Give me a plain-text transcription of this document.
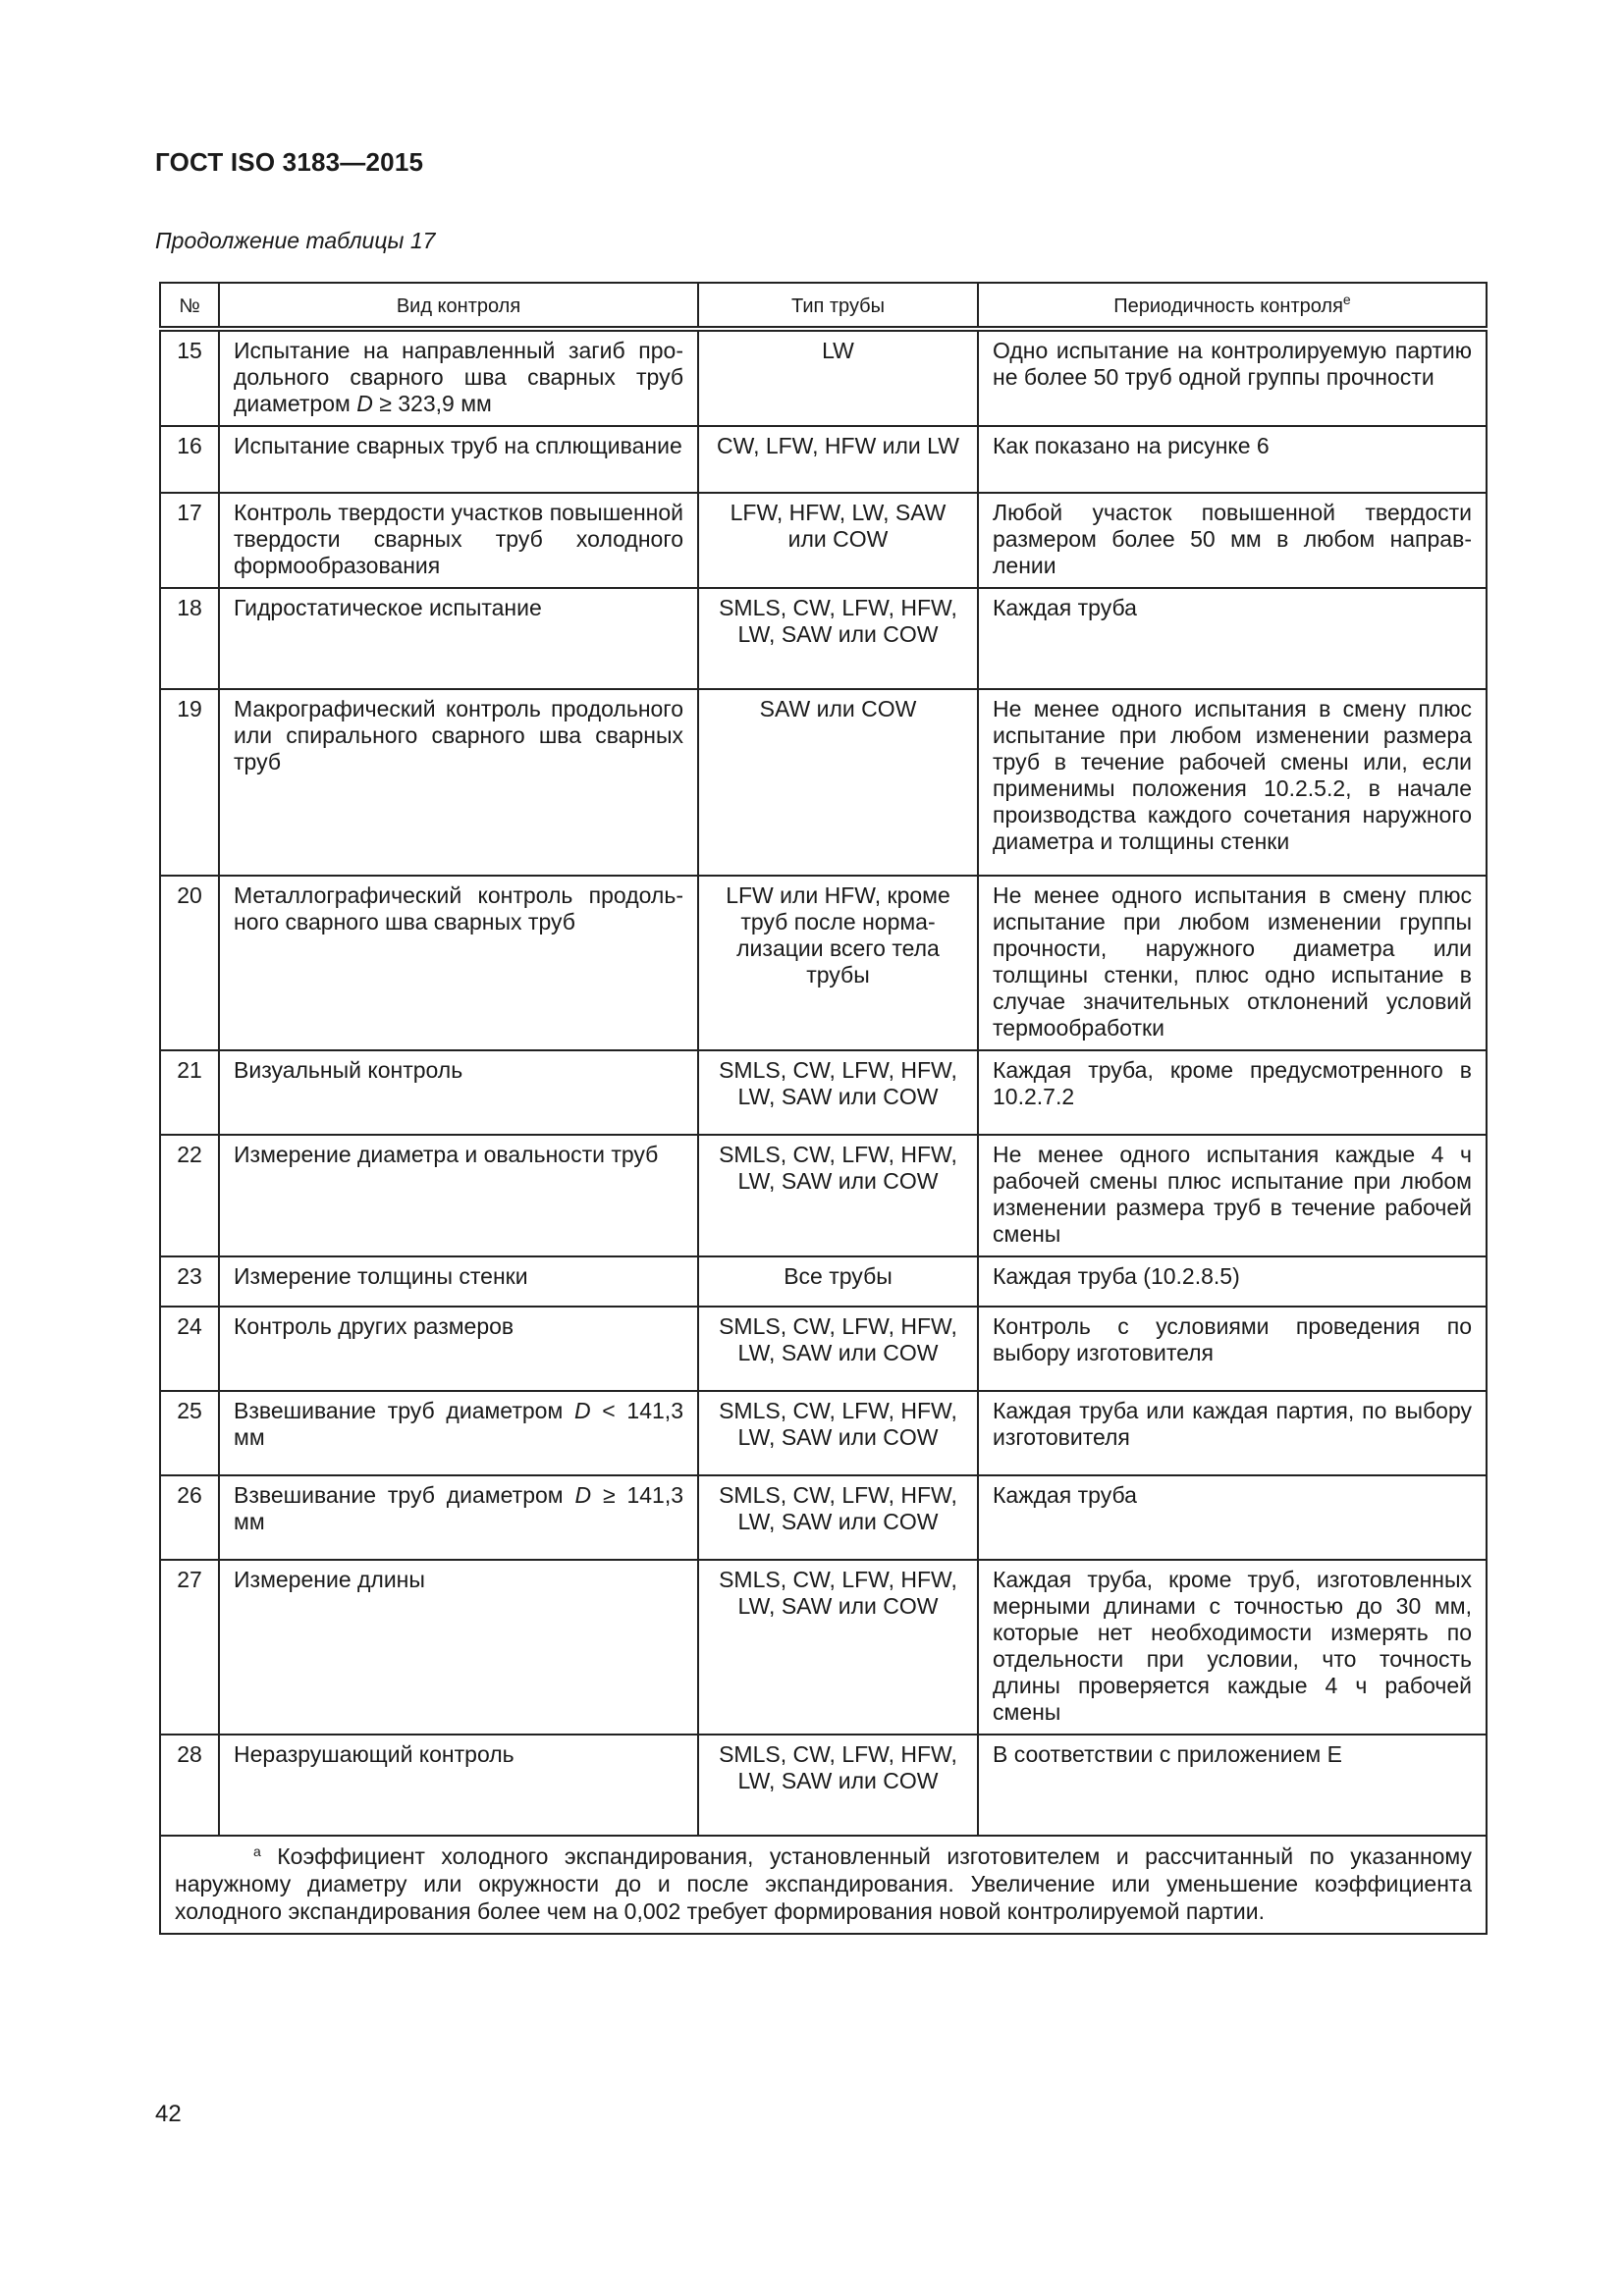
ГОСТ ISO 3183—2015
Продолжение таблицы 17
№	Вид контроля	Тип трубы	Периодичность контроля$^e$
15	Испытание на направленный загиб продольного сварного шва сварных труб диаметром D ≥ 323,9 мм	LW	Одно испытание на контролируемую партию не более 50 труб одной группы прочности
16	Испытание сварных труб на сплющивание	CW, LFW, HFW или LW	Как показано на рисунке 6
17	Контроль твердости участков повышенной твердости сварных труб холодного формообразования	LFW, HFW, LW, SAW или COW	Любой участок повышенной твердости размером более 50 мм в любом направлении
18	Гидростатическое испытание	SMLS, CW, LFW, HFW, LW, SAW или COW	Каждая труба
19	Макрографический контроль продольного или спирального сварного шва сварных труб	SAW или COW	Не менее одного испытания в смену плюс испытание при любом изменении размера труб в течение рабочей смены или, если применимы положения 10.2.5.2, в начале производства каждого сочетания наружного диаметра и толщины стенки
20	Металлографический контроль продольного сварного шва сварных труб	LFW или HFW, кроме труб после нормализации всего тела трубы	Не менее одного испытания в смену плюс испытание при любом изменении группы прочности, наружного диаметра или толщины стенки, плюс одно испытание в случае значительных отклонений условий термообработки
21	Визуальный контроль	SMLS, CW, LFW, HFW, LW, SAW или COW	Каждая труба, кроме предусмотренного в 10.2.7.2
22	Измерение диаметра и овальности труб	SMLS, CW, LFW, HFW, LW, SAW или COW	Не менее одного испытания каждые 4 ч рабочей смены плюс испытание при любом изменении размера труб в течение рабочей смены
23	Измерение толщины стенки	Все трубы	Каждая труба (10.2.8.5)
24	Контроль других размеров	SMLS, CW, LFW, HFW, LW, SAW или COW	Контроль с условиями проведения по выбору изготовителя
25	Взвешивание труб диаметром D < 141,3 мм	SMLS, CW, LFW, HFW, LW, SAW или COW	Каждая труба или каждая партия, по выбору изготовителя
26	Взвешивание труб диаметром D ≥ 141,3 мм	SMLS, CW, LFW, HFW, LW, SAW или COW	Каждая труба
27	Измерение длины	SMLS, CW, LFW, HFW, LW, SAW или COW	Каждая труба, кроме труб, изготовленных мерными длинами с точностью до 30 мм, которые нет необходимости измерять по отдельности при условии, что точность длины проверяется каждые 4 ч рабочей смены
28	Неразрушающий контроль	SMLS, CW, LFW, HFW, LW, SAW или COW	В соответствии с приложением Е
$^a$ Коэффициент холодного экспандирования, установленный изготовителем и рассчитанный по указанному наружному диаметру или окружности до и после экспандирования. Увеличение или уменьшение коэффициента холодного экспандирования более чем на 0,002 требует формирования новой контролируемой партии.			
42
